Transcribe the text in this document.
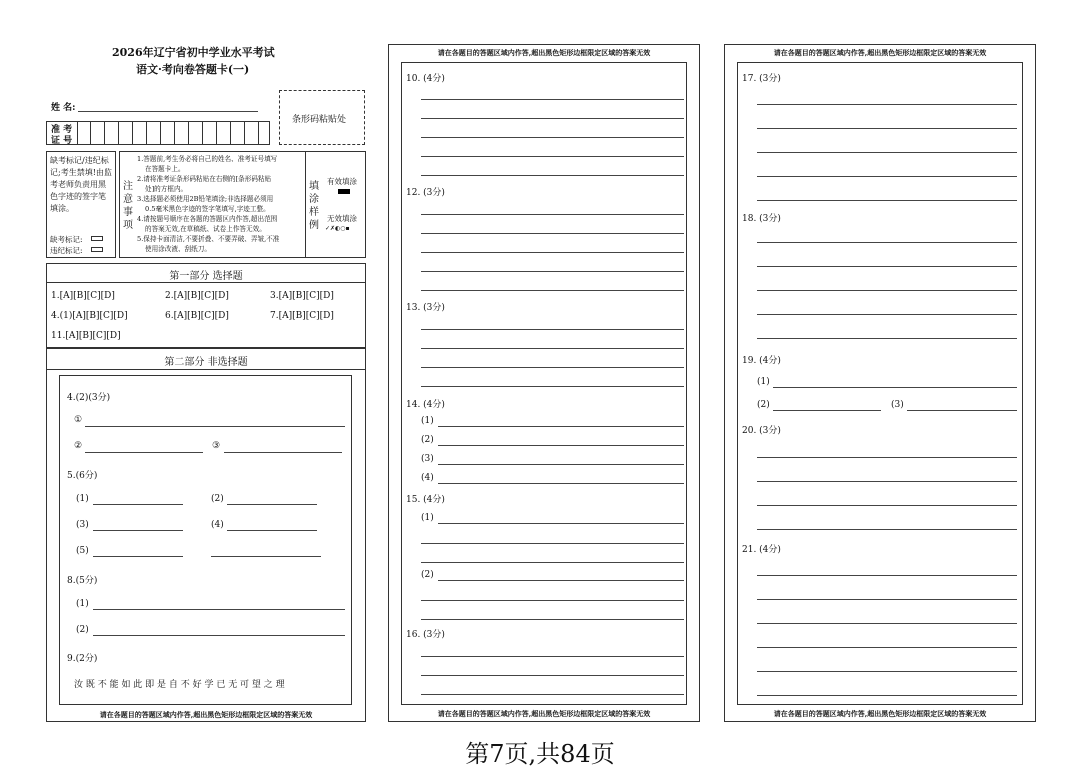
2026年辽宁省初中学业水平考试
语文·考向卷答题卡(一)
姓 名:
条形码粘贴处
准 考
证 号
缺考标记/违纪标记;考生禁填!由监考老师负责用黑色字迹的签字笔填涂。
缺考标记:
违纪标记:
注
意
事
项
1.答题前,考生务必将自己的姓名、准考证号填写
在答题卡上。
2.请将准考证条形码粘贴在右侧的[条形码粘贴
处]的方框内。
3.选择题必须使用2B铅笔填涂;非选择题必须用
0.5毫米黑色字迹的签字笔填写,字迹工整。
4.请按题号顺序在各题的答题区内作答,超出范围
的答案无效,在草稿纸、试卷上作答无效。
5.保持卡面清洁,不要折叠、不要弄破、弄皱,不准
使用涂改液、刮纸刀。
填
涂
样
例
有效填涂
无效填涂
✓✗◐○▪
第一部分 选择题
1.[A][B][C][D]	2.[A][B][C][D]	3.[A][B][C][D]
4.(1)[A][B][C][D]	6.[A][B][C][D]	7.[A][B][C][D]
11.[A][B][C][D]
第二部分 非选择题
请在各题目的答题区域内作答,超出黑色矩形边框限定区域的答案无效
4.(2)(3分)
①
②	③
5.(6分)
(1)	(2)
(3)	(4)
(5)
8.(5分)
(1)
(2)
9.(2分)
汝 既 不 能 如 此 即 是 自 不 好 学 已 无 可 望 之 理
请在各题目的答题区域内作答,超出黑色矩形边框限定区域的答案无效
请在各题目的答题区域内作答,超出黑色矩形边框限定区域的答案无效
10. (4分)
12. (3分)
13. (3分)
14. (4分)
(1)
(2)
(3)
(4)
15. (4分)
(1)
(2)
16. (3分)
请在各题目的答题区域内作答,超出黑色矩形边框限定区域的答案无效
请在各题目的答题区域内作答,超出黑色矩形边框限定区域的答案无效
17. (3分)
18. (3分)
19. (4分)
(1)
(2)	(3)
20. (3分)
21. (4分)
第7页,共84页
